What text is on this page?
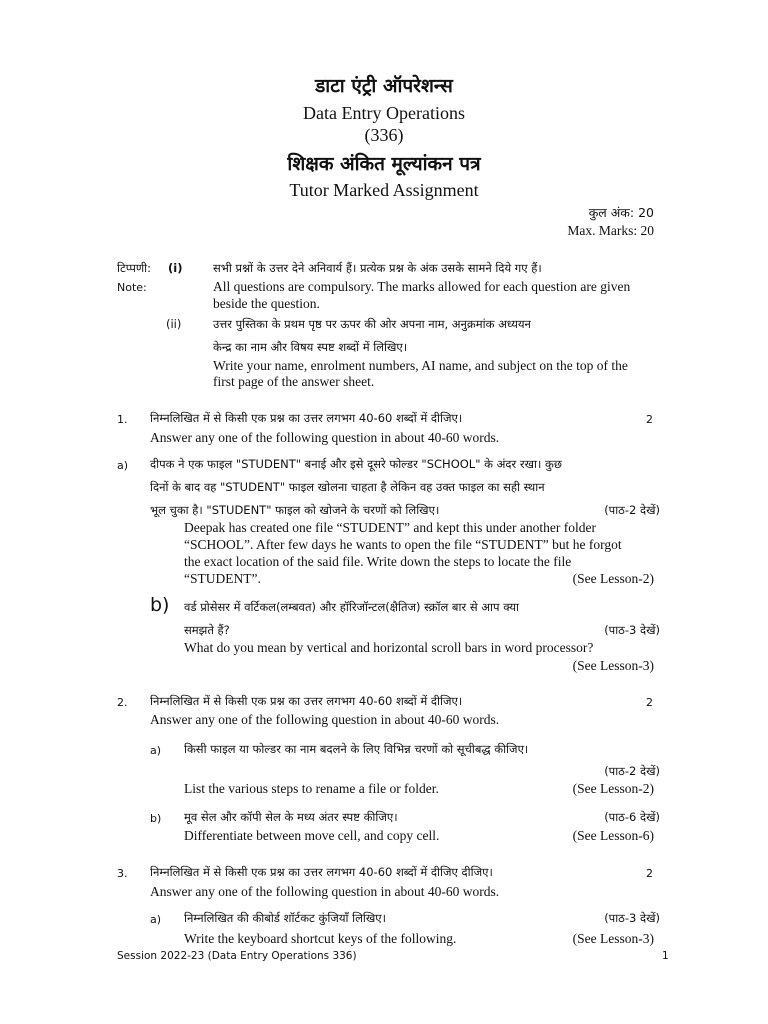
डाटा एंट्री ऑपरेशन्स
Data Entry Operations
(336)
शिक्षक अंकित मूल्यांकन पत्र
Tutor Marked Assignment
कुल अंक: 20
Max. Marks: 20
टिप्पणी: (i)	सभी प्रश्नों के उत्तर देने अनिवार्य हैं। प्रत्येक प्रश्न के अंक उसके सामने दिये गए हैं।
Note:	All questions are compulsory. The marks allowed for each question are given
beside the question.
(ii)	उत्तर पुस्तिका के प्रथम पृष्ठ पर ऊपर की ओर अपना नाम, अनुक्रमांक अध्ययन
केन्द्र का नाम और विषय स्पष्ट शब्दों में लिखिए।
Write your name, enrolment numbers, AI name, and subject on the top of the
first page of the answer sheet.
1. निम्नलिखित में से किसी एक प्रश्न का उत्तर लगभग 40-60 शब्दों में दीजिए।	2
Answer any one of the following question in about 40-60 words.
a) दीपक ने एक फाइल "STUDENT" बनाई और इसे दूसरे फोल्डर "SCHOOL" के अंदर रखा। कुछ
दिनों के बाद वह "STUDENT" फाइल खोलना चाहता है लेकिन वह उक्त फाइल का सही स्थान
भूल चुका है। "STUDENT" फाइल को खोजने के चरणों को लिखिए।	(पाठ-2 देखें)
Deepak has created one file “STUDENT” and kept this under another folder
“SCHOOL”. After few days he wants to open the file “STUDENT” but he forgot
the exact location of the said file. Write down the steps to locate the file
“STUDENT”.	(See Lesson-2)
b) वर्ड प्रोसेसर में वर्टिकल(लम्बवत) और हॉरिजॉन्टल(क्षैतिज) स्क्रॉल बार से आप क्या
समझते हैं?	(पाठ-3 देखें)
What do you mean by vertical and horizontal scroll bars in word processor?
(See Lesson-3)
2. निम्नलिखित में से किसी एक प्रश्न का उत्तर लगभग 40-60 शब्दों में दीजिए।	2
Answer any one of the following question in about 40-60 words.
a) किसी फाइल या फोल्डर का नाम बदलने के लिए विभिन्न चरणों को सूचीबद्ध कीजिए।
(पाठ-2 देखें)
List the various steps to rename a file or folder.	(See Lesson-2)
b) मूव सेल और कॉपी सेल के मध्य अंतर स्पष्ट कीजिए।	(पाठ-6 देखें)
Differentiate between move cell, and copy cell.	(See Lesson-6)
3. निम्नलिखित में से किसी एक प्रश्न का उत्तर लगभग 40-60 शब्दों में दीजिए दीजिए।	2
Answer any one of the following question in about 40-60 words.
a) निम्नलिखित की कीबोर्ड शॉर्टकट कुंजियाँ लिखिए।	(पाठ-3 देखें)
Write the keyboard shortcut keys of the following.	(See Lesson-3)
Session 2022-23 (Data Entry Operations 336)	1
